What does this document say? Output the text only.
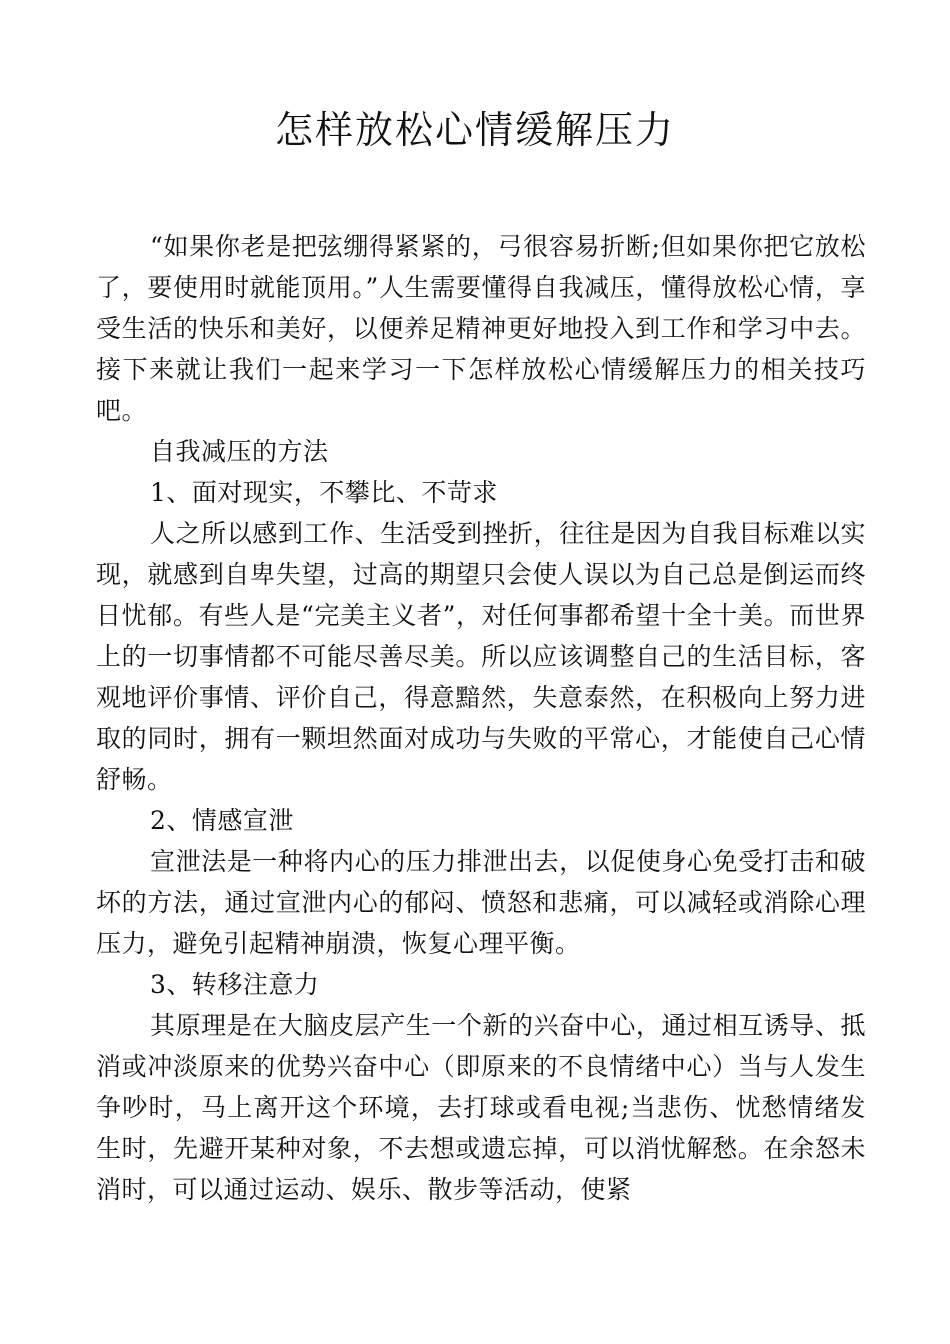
怎样放松心情缓解压力

“如果你老是把弦绷得紧紧的，弓很容易折断;但如果你把它放松了，要使用时就能顶用。”人生需要懂得自我减压，懂得放松心情，享受生活的快乐和美好，以便养足精神更好地投入到工作和学习中去。接下来就让我们一起来学习一下怎样放松心情缓解压力的相关技巧吧。

自我减压的方法

1、面对现实，不攀比、不苛求

人之所以感到工作、生活受到挫折，往往是因为自我目标难以实现，就感到自卑失望，过高的期望只会使人误以为自己总是倒运而终日忧郁。有些人是“完美主义者”，对任何事都希望十全十美。而世界上的一切事情都不可能尽善尽美。所以应该调整自己的生活目标，客观地评价事情、评价自己，得意黯然，失意泰然，在积极向上努力进取的同时，拥有一颗坦然面对成功与失败的平常心，才能使自己心情舒畅。

2、情感宣泄

宣泄法是一种将内心的压力排泄出去，以促使身心免受打击和破坏的方法，通过宣泄内心的郁闷、愤怒和悲痛，可以减轻或消除心理压力，避免引起精神崩溃，恢复心理平衡。

3、转移注意力

其原理是在大脑皮层产生一个新的兴奋中心，通过相互诱导、抵消或冲淡原来的优势兴奋中心（即原来的不良情绪中心）当与人发生争吵时，马上离开这个环境，去打球或看电视;当悲伤、忧愁情绪发生时，先避开某种对象，不去想或遗忘掉，可以消忧解愁。在余怒未消时，可以通过运动、娱乐、散步等活动，使紧
